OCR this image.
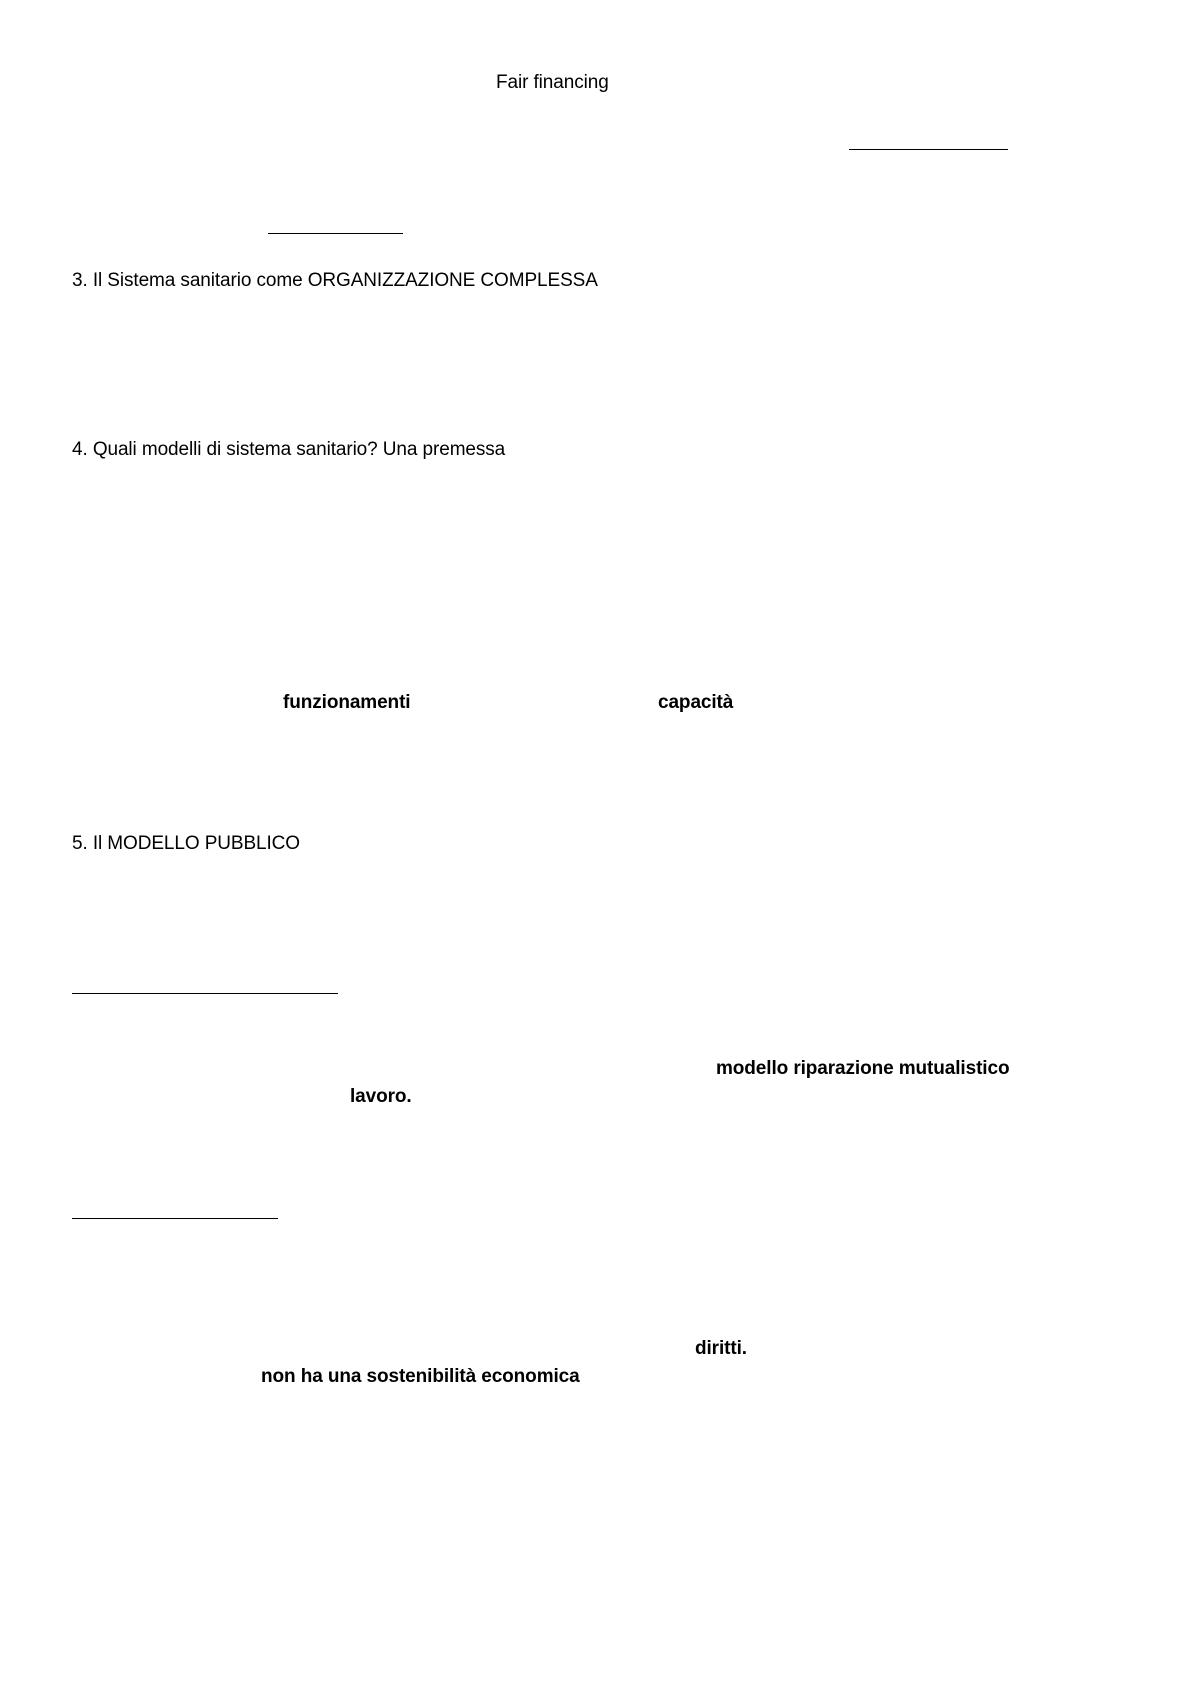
Fair financing
3. Il Sistema sanitario come ORGANIZZAZIONE COMPLESSA
4. Quali modelli di sistema sanitario? Una premessa
funzionamenti	capacità
5. Il MODELLO PUBBLICO
modello riparazione mutualistico
lavoro.
diritti.
non ha una sostenibilità economica
